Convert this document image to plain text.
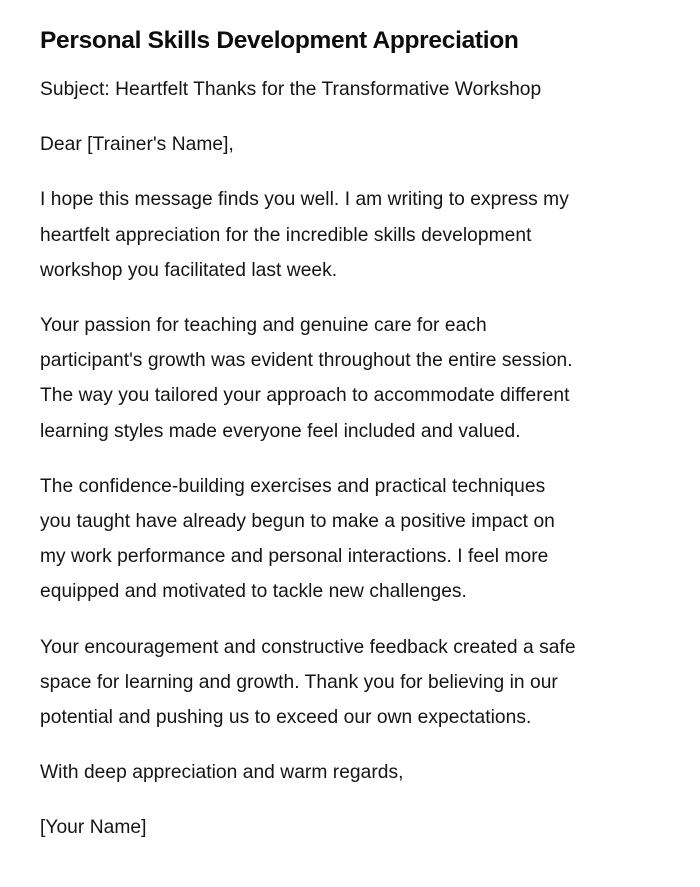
Personal Skills Development Appreciation

Subject: Heartfelt Thanks for the Transformative Workshop

Dear [Trainer's Name],

I hope this message finds you well. I am writing to express my
heartfelt appreciation for the incredible skills development
workshop you facilitated last week.

Your passion for teaching and genuine care for each
participant's growth was evident throughout the entire session.
The way you tailored your approach to accommodate different
learning styles made everyone feel included and valued.

The confidence-building exercises and practical techniques
you taught have already begun to make a positive impact on
my work performance and personal interactions. I feel more
equipped and motivated to tackle new challenges.

Your encouragement and constructive feedback created a safe
space for learning and growth. Thank you for believing in our
potential and pushing us to exceed our own expectations.

With deep appreciation and warm regards,

[Your Name]
